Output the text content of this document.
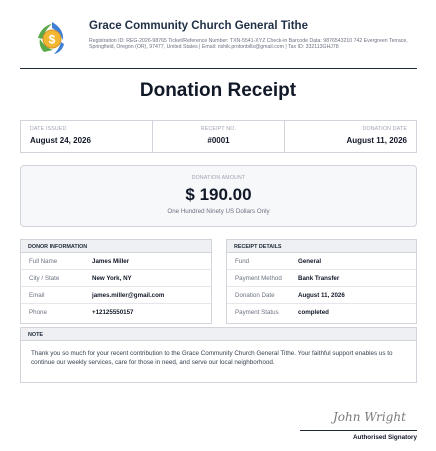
$
Grace Community Church General Tithe
Registration ID: REG-2026-98765 Ticket/Reference Number: TXN-5541-XYZ Check-in Barcode Data: 9876543210 742 Evergreen Terrace, Springfield, Oregon (OR), 97477, United States | Email: rishik.protonbills@gmail.com | Tax ID: 332113GHJ78
Donation Receipt
DATE ISSUED
August 24, 2026
RECEIPT NO.
#0001
DONATION DATE
August 11, 2026
DONATION AMOUNT
$ 190.00
One Hundred Ninety US Dollars Only
DONOR INFORMATION
Full Name	James Miller
City / State	New York, NY
Email	james.miller@gmail.com
Phone	+12125550157
RECEIPT DETAILS
Fund	General
Payment Method	Bank Transfer
Donation Date	August 11, 2026
Payment Status	completed
NOTE
Thank you so much for your recent contribution to the Grace Community Church General Tithe. Your faithful support enables us to continue our weekly services, care for those in need, and serve our local neighborhood.
John Wright
Authorised Signatory
